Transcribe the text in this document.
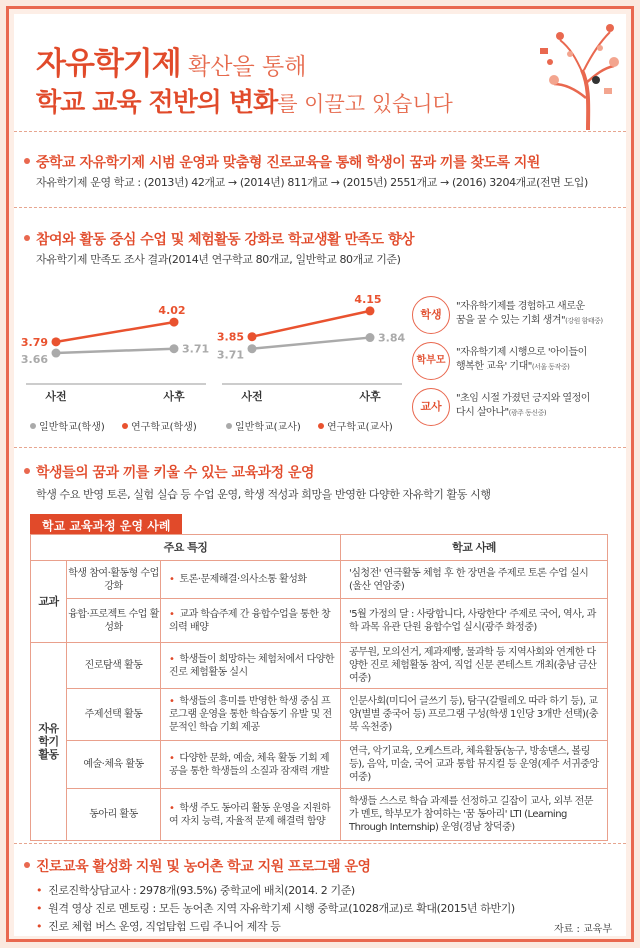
자유학기제 확산을 통해
학교 교육 전반의 변화를 이끌고 있습니다
중학교 자유학기제 시범 운영과 맞춤형 진로교육을 통해 학생이 꿈과 끼를 찾도록 지원
자유학기제 운영 학교 : (2013년) 42개교 → (2014년) 811개교 → (2015년) 2551개교 → (2016) 3204개교(전면 도입)
참여와 활동 중심 수업 및 체험활동 강화로 학교생활 만족도 향상
자유학기제 만족도 조사 결과(2014년 연구학교 80개교, 일반학교 80개교 기준)
사전	사후
3.66
3.71
3.79
4.02
일반학교(학생)	연구학교(학생)
사전	사후
3.71
3.84
3.85
4.15
일반학교(교사)	연구학교(교사)
학생
"자유학기제를 경험하고 새로운
꿈을 꿀 수 있는 기회 생겨"(강원 함태중)
학부모
"자유학기제 시행으로 '아이들이
행복한 교육' 기대"(서울 동작중)
교사
"초임 시절 가졌던 긍지와 열정이
다시 살아나"(광주 동신중)
학생들의 꿈과 끼를 키울 수 있는 교육과정 운영
학생 수요 반영 토론, 실험 실습 등 수업 운영, 학생 적성과 희망을 반영한 다양한 자유학기 활동 시행
학교 교육과정 운영 사례
주요 특징			학교 사례
교과	학생 참여·활동형 수업 강화	• 토론·문제해결·의사소통 활성화	'심청전' 연극활동 체험 후 한 장면을 주제로 토론 수업 실시(울산 연암중)
	융합·프로젝트 수업 활성화	• 교과 학습주제 간 융합수업을 통한 창의력 배양	'5월 가정의 달 : 사랑합니다, 사랑한다' 주제로 국어, 역사, 과학 과목 유관 단원 융합수업 실시(광주 화정중)

자유
학기
활동	진로탐색 활동	• 학생들이 희망하는 체험처에서 다양한 진로 체험활동 실시	공무원, 모의선거, 제과제빵, 물과학 등 지역사회와 연계한 다양한 진로 체험활동 참여, 직업 신문 콘테스트 개최(충남 금산여중)
	주제선택 활동	• 학생들의 흥미를 반영한 학생 중심 프로그램 운영을 통한 학습동기 유발 및 전문적인 학습 기회 제공	인문사회(미디어 글쓰기 등), 탐구(갈릴레오 따라 하기 등), 교양(별별 중국어 등) 프로그램 구성(학생 1인당 3개반 선택)(충북 옥천중)
	예술·체육 활동	• 다양한 문화, 예술, 체육 활동 기회 제공을 통한 학생들의 소질과 잠재력 개발	연극, 악기교육, 오케스트라, 체육활동(농구, 방송댄스, 볼링 등), 음악, 미술, 국어 교과 통합 뮤지컬 등 운영(제주 서귀중앙여중)
	동아리 활동	• 학생 주도 동아리 활동 운영을 지원하여 자치 능력, 자율적 문제 해결력 함양	학생들 스스로 학습 과제를 선정하고 길잡이 교사, 외부 전문가 멘토, 학부모가 참여하는 '꿈 동아리' LTI (Learning Through Internship) 운영(경남 창덕중)
진로교육 활성화 지원 및 농어촌 학교 지원 프로그램 운영
• 진로진학상담교사 : 2978개(93.5%) 중학교에 배치(2014. 2 기준)
• 원격 영상 진로 멘토링 : 모든 농어촌 지역 자유학기제 시행 중학교(1028개교)로 확대(2015년 하반기)
• 진로 체험 버스 운영, 직업탐험 드림 주니어 제작 등	자료 : 교육부
